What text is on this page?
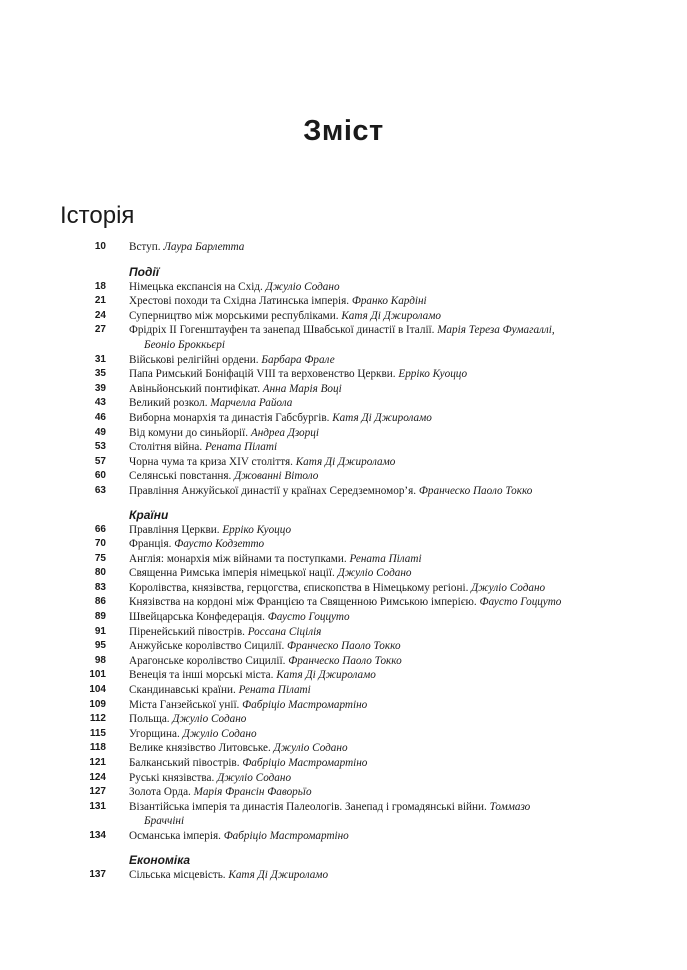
Зміст
Історія
10 Вступ. Лаура Барлетта
Події
18 Німецька експансія на Схід. Джуліо Содано
21 Хрестові походи та Східна Латинська імперія. Франко Кардіні
24 Суперництво між морськими республіками. Катя Ді Джироламо
27 Фрідріх II Гогенштауфен та занепад Швабської династії в Італії. Марія Тереза Фумагаллі,
Беоніо Броккьєрі
31 Військові релігійні ордени. Барбара Фрале
35 Папа Римський Боніфацій VIII та верховенство Церкви. Ерріко Куоццо
39 Авіньйонський понтифікат. Анна Марія Воці
43 Великий розкол. Марчелла Райола
46 Виборна монархія та династія Габсбургів. Катя Ді Джироламо
49 Від комуни до синьйорії. Андреа Дзорці
53 Столітня війна. Рената Пілаті
57 Чорна чума та криза XIV століття. Катя Ді Джироламо
60 Селянські повстання. Джованні Вітоло
63 Правління Анжуйської династії у країнах Середземномор’я. Франческо Паоло Токко
Країни
66 Правління Церкви. Ерріко Куоццо
70 Франція. Фаусто Кодзетто
75 Англія: монархія між війнами та поступками. Рената Пілаті
80 Священна Римська імперія німецької нації. Джуліо Содано
83 Королівства, князівства, герцогства, єпископства в Німецькому регіоні. Джуліо Содано
86 Князівства на кордоні між Францією та Священною Римською імперією. Фаусто Гоццуто
89 Швейцарська Конфедерація. Фаусто Гоццуто
91 Піренейський півострів. Россана Сіцілія
95 Анжуйське королівство Сицилії. Франческо Паоло Токко
98 Арагонське королівство Сицилії. Франческо Паоло Токко
101 Венеція та інші морські міста. Катя Ді Джироламо
104 Скандинавські країни. Рената Пілаті
109 Міста Ганзейської унії. Фабріціо Мастромартіно
112 Польща. Джуліо Содано
115 Угорщина. Джуліо Содано
118 Велике князівство Литовське. Джуліо Содано
121 Балканський півострів. Фабріціо Мастромартіно
124 Руські князівства. Джуліо Содано
127 Золота Орда. Марія Франсін Фаворьїо
131 Візантійська імперія та династія Палеологів. Занепад і громадянські війни. Томмазо
Браччіні
134 Османська імперія. Фабріціо Мастромартіно
Економіка
137 Сільська місцевість. Катя Ді Джироламо
